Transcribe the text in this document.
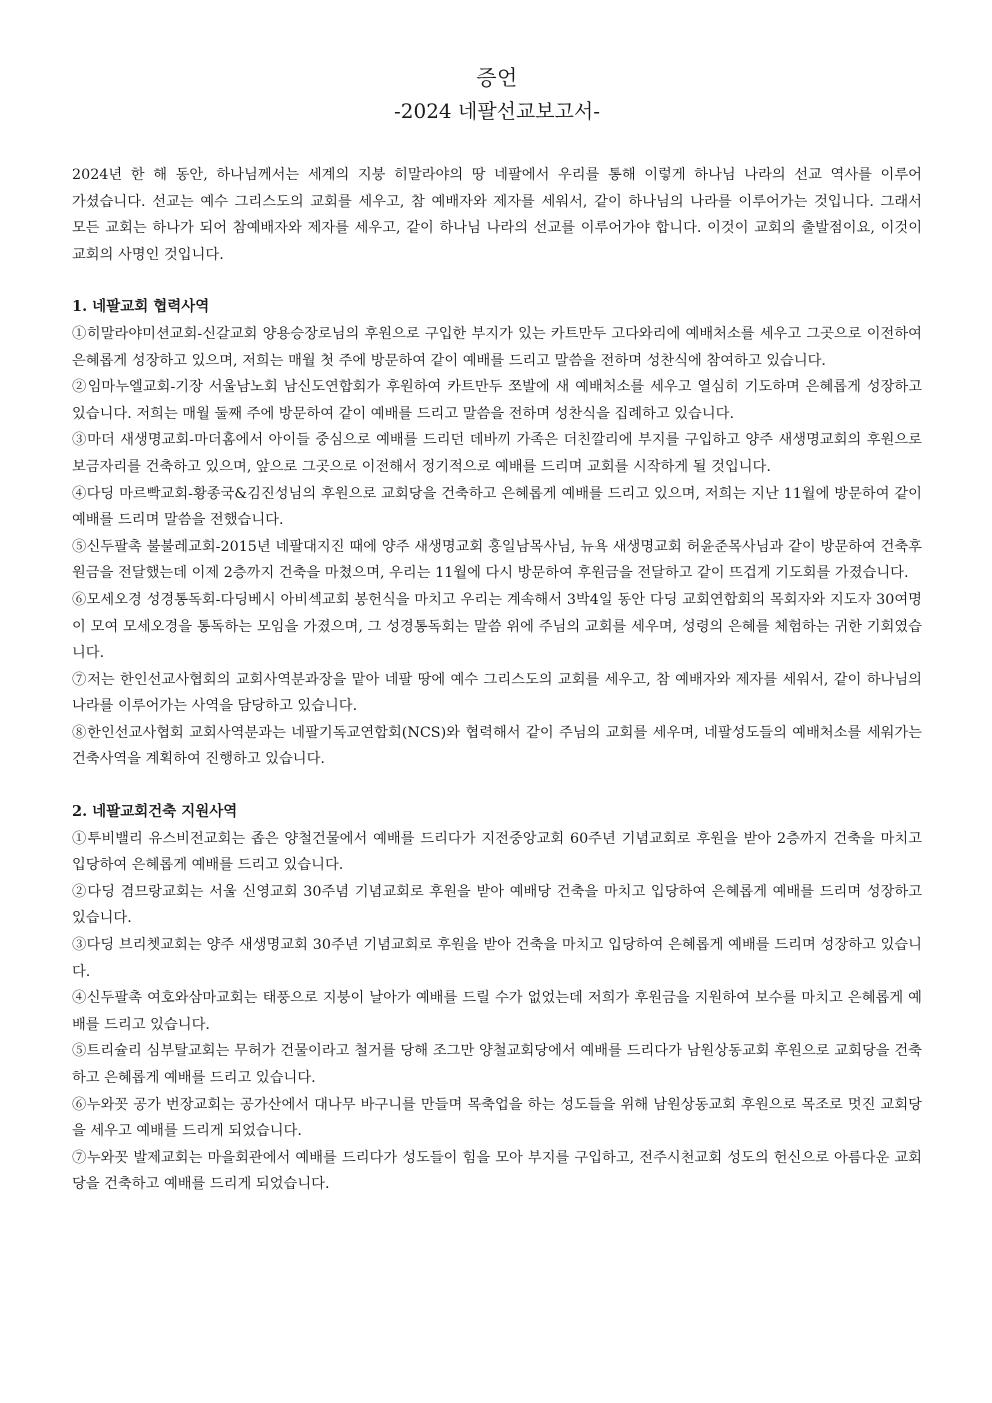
증언
-2024 네팔선교보고서-

2024년 한 해 동안, 하나님께서는 세계의 지붕 히말라야의 땅 네팔에서 우리를 통해 이렇게 하나님 나라의 선교 역사를 이루어 가셨습니다. 선교는 예수 그리스도의 교회를 세우고, 참 예배자와 제자를 세워서, 같이 하나님의 나라를 이루어가는 것입니다. 그래서 모든 교회는 하나가 되어 참예배자와 제자를 세우고, 같이 하나님 나라의 선교를 이루어가야 합니다. 이것이 교회의 출발점이요, 이것이 교회의 사명인 것입니다.

1. 네팔교회 협력사역

①히말라야미션교회-신갈교회 양용승장로님의 후원으로 구입한 부지가 있는 카트만두 고다와리에 예배처소를 세우고 그곳으로 이전하여 은혜롭게 성장하고 있으며, 저희는 매월 첫 주에 방문하여 같이 예배를 드리고 말씀을 전하며 성찬식에 참여하고 있습니다.

②임마누엘교회-기장 서울남노회 남신도연합회가 후원하여 카트만두 쪼발에 새 예배처소를 세우고 열심히 기도하며 은혜롭게 성장하고 있습니다. 저희는 매월 둘째 주에 방문하여 같이 예배를 드리고 말씀을 전하며 성찬식을 집례하고 있습니다.

③마더 새생명교회-마더홈에서 아이들 중심으로 예배를 드리던 데바끼 가족은 더친깔리에 부지를 구입하고 양주 새생명교회의 후원으로 보금자리를 건축하고 있으며, 앞으로 그곳으로 이전해서 정기적으로 예배를 드리며 교회를 시작하게 될 것입니다.

④다딩 마르빡교회-황종국&김진성님의 후원으로 교회당을 건축하고 은혜롭게 예배를 드리고 있으며, 저희는 지난 11월에 방문하여 같이 예배를 드리며 말씀을 전했습니다.

⑤신두팔촉 불불레교회-2015년 네팔대지진 때에 양주 새생명교회 홍일남목사님, 뉴욕 새생명교회 허윤준목사님과 같이 방문하여 건축후원금을 전달했는데 이제 2층까지 건축을 마쳤으며, 우리는 11월에 다시 방문하여 후원금을 전달하고 같이 뜨겁게 기도회를 가졌습니다.

⑥모세오경 성경통독회-다딩베시 아비섹교회 봉헌식을 마치고 우리는 계속해서 3박4일 동안 다딩 교회연합회의 목회자와 지도자 30여명이 모여 모세오경을 통독하는 모임을 가졌으며, 그 성경통독회는 말씀 위에 주님의 교회를 세우며, 성령의 은혜를 체험하는 귀한 기회였습니다.

⑦저는 한인선교사협회의 교회사역분과장을 맡아 네팔 땅에 예수 그리스도의 교회를 세우고, 참 예배자와 제자를 세워서, 같이 하나님의 나라를 이루어가는 사역을 담당하고 있습니다.

⑧한인선교사협회 교회사역분과는 네팔기독교연합회(NCS)와 협력해서 같이 주님의 교회를 세우며, 네팔성도들의 예배처소를 세워가는 건축사역을 계획하여 진행하고 있습니다.

2. 네팔교회건축 지원사역

①투비밸리 유스비전교회는 좁은 양철건물에서 예배를 드리다가 지전중앙교회 60주년 기념교회로 후원을 받아 2층까지 건축을 마치고 입당하여 은혜롭게 예배를 드리고 있습니다.

②다딩 겸므랑교회는 서울 신영교회 30주념 기념교회로 후원을 받아 예배당 건축을 마치고 입당하여 은혜롭게 예배를 드리며 성장하고 있습니다.

③다딩 브리쳇교회는 양주 새생명교회 30주년 기념교회로 후원을 받아 건축을 마치고 입당하여 은혜롭게 예배를 드리며 성장하고 있습니다.

④신두팔촉 여호와삼마교회는 태풍으로 지붕이 날아가 예배를 드릴 수가 없었는데 저희가 후원금을 지원하여 보수를 마치고 은혜롭게 예배를 드리고 있습니다.

⑤트리슐리 심부탈교회는 무허가 건물이라고 철거를 당해 조그만 양철교회당에서 예배를 드리다가 남원상동교회 후원으로 교회당을 건축하고 은혜롭게 예배를 드리고 있습니다.

⑥누와꼿 공가 번장교회는 공가산에서 대나무 바구니를 만들며 목축업을 하는 성도들을 위해 남원상동교회 후원으로 목조로 멋진 교회당을 세우고 예배를 드리게 되었습니다.

⑦누와꼿 발제교회는 마을회관에서 예배를 드리다가 성도들이 힘을 모아 부지를 구입하고, 전주시천교회 성도의 헌신으로 아름다운 교회당을 건축하고 예배를 드리게 되었습니다.
